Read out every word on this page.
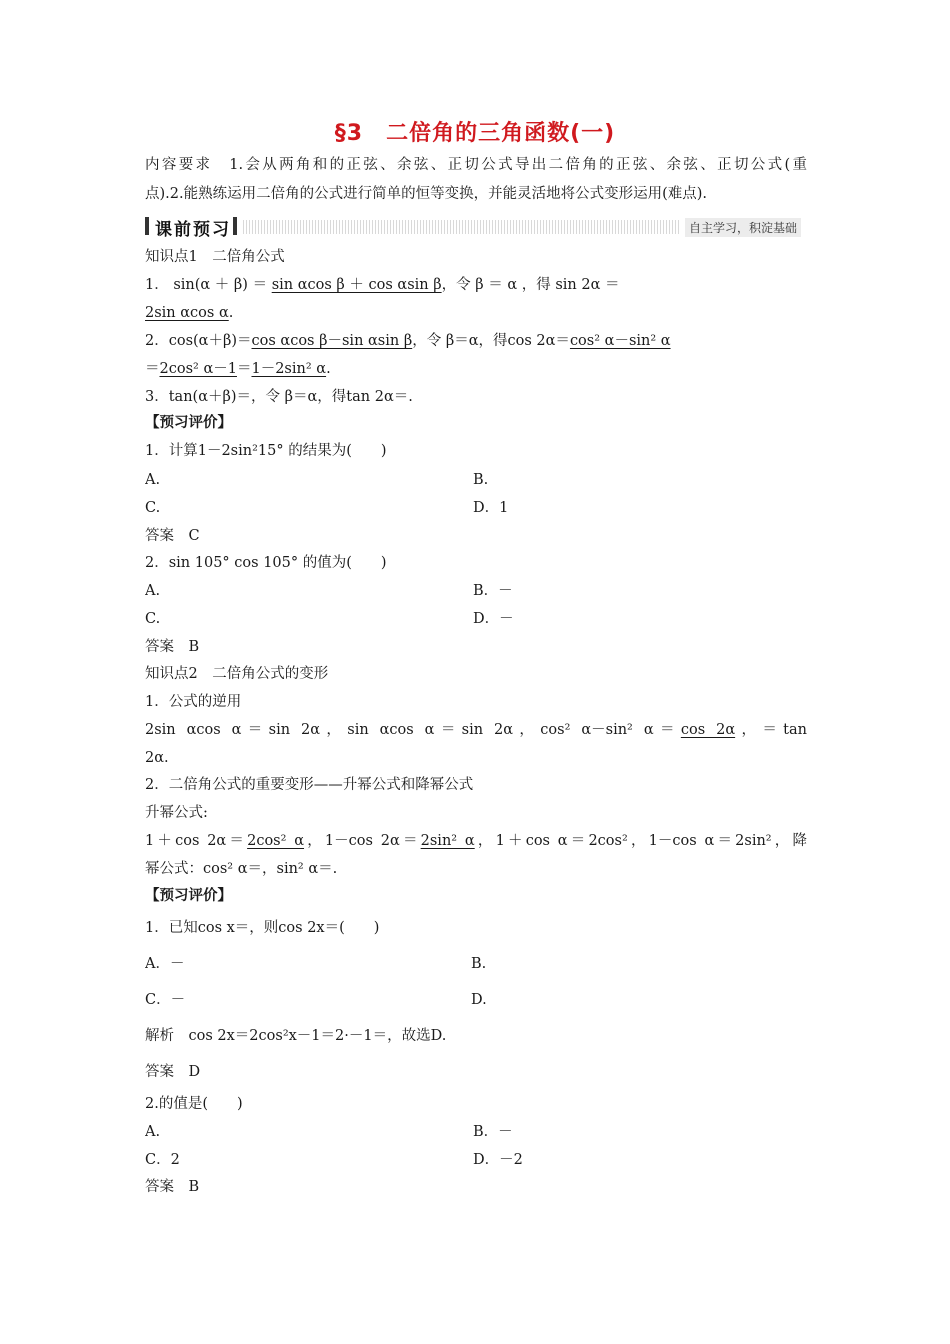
§3　二倍角的三角函数(一)
内容要求　1.会从两角和的正弦、余弦、正切公式导出二倍角的正弦、余弦、正切公式(重
点).2.能熟练运用二倍角的公式进行简单的恒等变换，并能灵活地将公式变形运用(难点).
课前预习	自主学习，积淀基础
知识点1　二倍角公式
1． sin(α ＋ β) ＝ sin αcos β ＋ cos αsin β，令 β ＝ α ，得 sin 2α ＝
2sin αcos α.
2．cos(α＋β)＝cos αcos β－sin αsin β，令 β＝α，得cos 2α＝cos² α－sin² α
＝2cos² α－1＝1－2sin² α.
3．tan(α＋β)＝，令 β＝α，得tan 2α＝.
【预习评价】
1．计算1－2sin²15° 的结果为(　　)
A.	B.
C.	D．1
答案　C
2．sin 105° cos 105° 的值为(　　)
A.	B．－
C.	D．－
答案　B
知识点2　二倍角公式的变形
1．公式的逆用
2sin αcos α＝sin 2α，sin αcos α＝sin 2α，cos² α－sin² α＝cos 2α，＝tan
2α.
2．二倍角公式的重要变形——升幂公式和降幂公式
升幂公式:
1＋cos 2α＝2cos² α，1－cos 2α＝2sin² α，1＋cos α＝2cos²，1－cos α＝2sin²，降
幂公式：cos² α＝，sin² α＝.
【预习评价】
1．已知cos x＝，则cos 2x＝(　　)
A．－	B.
C．－	D.
解析　cos 2x＝2cos²x－1＝2·－1＝，故选D.
答案　D
2.的值是(　　)
A.	B．－
C．2	D．－2
答案　B
